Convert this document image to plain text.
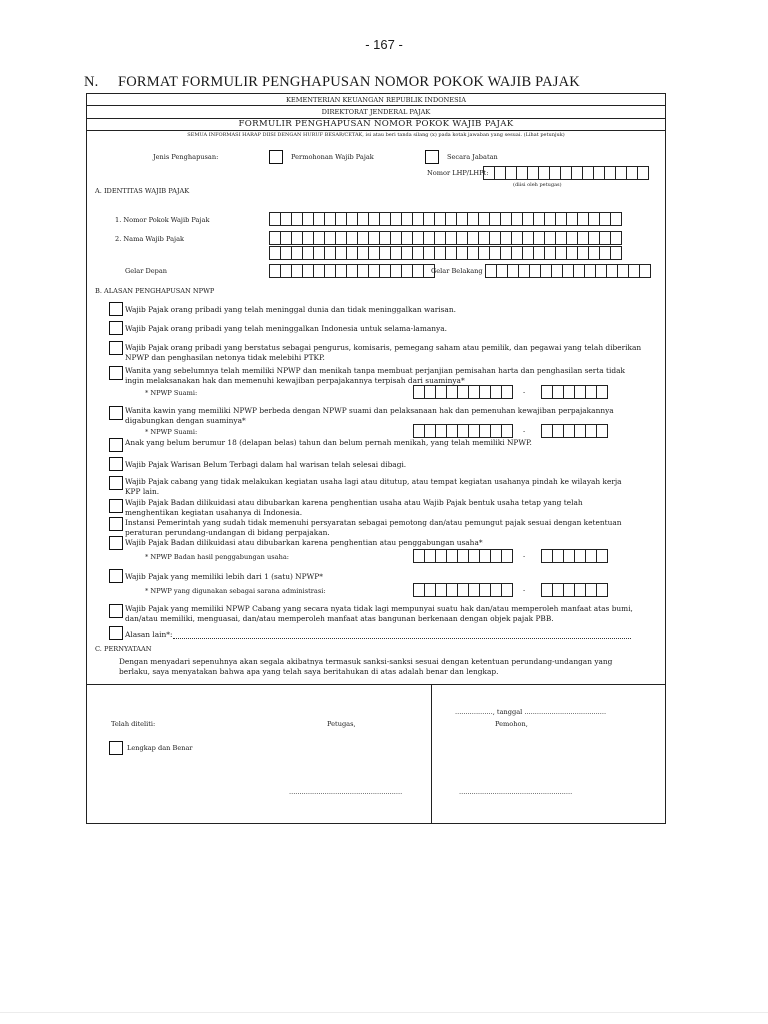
- 167 -
N. FORMAT FORMULIR PENGHAPUSAN NOMOR POKOK WAJIB PAJAK
KEMENTERIAN KEUANGAN REPUBLIK INDONESIA
DIREKTORAT JENDERAL PAJAK
FORMULIR PENGHAPUSAN NOMOR POKOK WAJIB PAJAK
SEMUA INFORMASI HARAP DIISI DENGAN HURUF BESAR/CETAK, isi atau beri tanda silang (x) pada kotak jawaban yang sesuai. (Lihat petunjuk)
Jenis Penghapusan:	Permohonan Wajib Pajak	Secara Jabatan
Nomor LHP/LHPt:
(diisi oleh petugas)
A. IDENTITAS WAJIB PAJAK
1. Nomor Pokok Wajib Pajak
2. Nama Wajib Pajak
Gelar Depan	Gelar Belakang
B. ALASAN PENGHAPUSAN NPWP
Wajib Pajak orang pribadi yang telah meninggal dunia dan tidak meninggalkan warisan.
Wajib Pajak orang pribadi yang telah meninggalkan Indonesia untuk selama-lamanya.
Wajib Pajak orang pribadi yang berstatus sebagai pengurus, komisaris, pemegang saham atau pemilik, dan pegawai yang telah diberikan
NPWP dan penghasilan netonya tidak melebihi PTKP.
Wanita yang sebelumnya telah memiliki NPWP dan menikah tanpa membuat perjanjian pemisahan harta dan penghasilan serta tidak
ingin melaksanakan hak dan memenuhi kewajiban perpajakannya terpisah dari suaminya*
* NPWP Suami:	-
Wanita kawin yang memiliki NPWP berbeda dengan NPWP suami dan pelaksanaan hak dan pemenuhan kewajiban perpajakannya
digabungkan dengan suaminya*
* NPWP Suami:	-
Anak yang belum berumur 18 (delapan belas) tahun dan belum pernah menikah, yang telah memiliki NPWP.
Wajib Pajak Warisan Belum Terbagi dalam hal warisan telah selesai dibagi.
Wajib Pajak cabang yang tidak melakukan kegiatan usaha lagi atau ditutup, atau tempat kegiatan usahanya pindah ke wilayah kerja
KPP lain.
Wajib Pajak Badan dilikuidasi atau dibubarkan karena penghentian usaha atau Wajib Pajak bentuk usaha tetap yang telah
menghentikan kegiatan usahanya di Indonesia.
Instansi Pemerintah yang sudah tidak memenuhi persyaratan sebagai pemotong dan/atau pemungut pajak sesuai dengan ketentuan
peraturan perundang-undangan di bidang perpajakan.
Wajib Pajak Badan dilikuidasi atau dibubarkan karena penghentian atau penggabungan usaha*
* NPWP Badan hasil penggabungan usaha:	-
Wajib Pajak yang memiliki lebih dari 1 (satu) NPWP*
* NPWP yang digunakan sebagai sarana administrasi:	-
Wajib Pajak yang memiliki NPWP Cabang yang secara nyata tidak lagi mempunyai suatu hak dan/atau memperoleh manfaat atas bumi,
dan/atau memiliki, menguasai, dan/atau memperoleh manfaat atas bangunan berkenaan dengan objek pajak PBB.
Alasan lain*:
C. PERNYATAAN
Dengan menyadari sepenuhnya akan segala akibatnya termasuk sanksi-sanksi sesuai dengan ketentuan perundang-undangan yang
berlaku, saya menyatakan bahwa apa yang telah saya beritahukan di atas adalah benar dan lengkap.
Telah diteliti:	Petugas,
Lengkap dan Benar
.................., tanggal .......................................
Pemohon,
......................................................	......................................................
